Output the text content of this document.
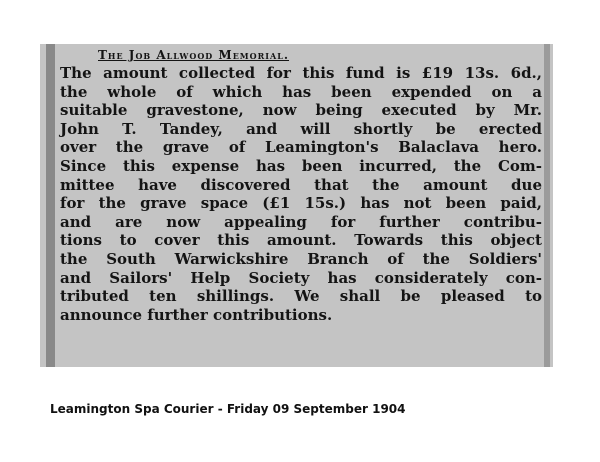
The Job Allwood Memorial.
The amount collected for this fund is £19 13s. 6d.,
the whole of which has been expended on a
suitable gravestone, now being executed by Mr.
John T. Tandey, and will shortly be erected
over the grave of Leamington's Balaclava hero.
Since this expense has been incurred, the Com-
mittee have discovered that the amount due
for the grave space (£1 15s.) has not been paid,
and are now appealing for further contribu-
tions to cover this amount. Towards this object
the South Warwickshire Branch of the Soldiers'
and Sailors' Help Society has considerately con-
tributed ten shillings. We shall be pleased to
announce further contributions.
Leamington Spa Courier - Friday 09 September 1904
